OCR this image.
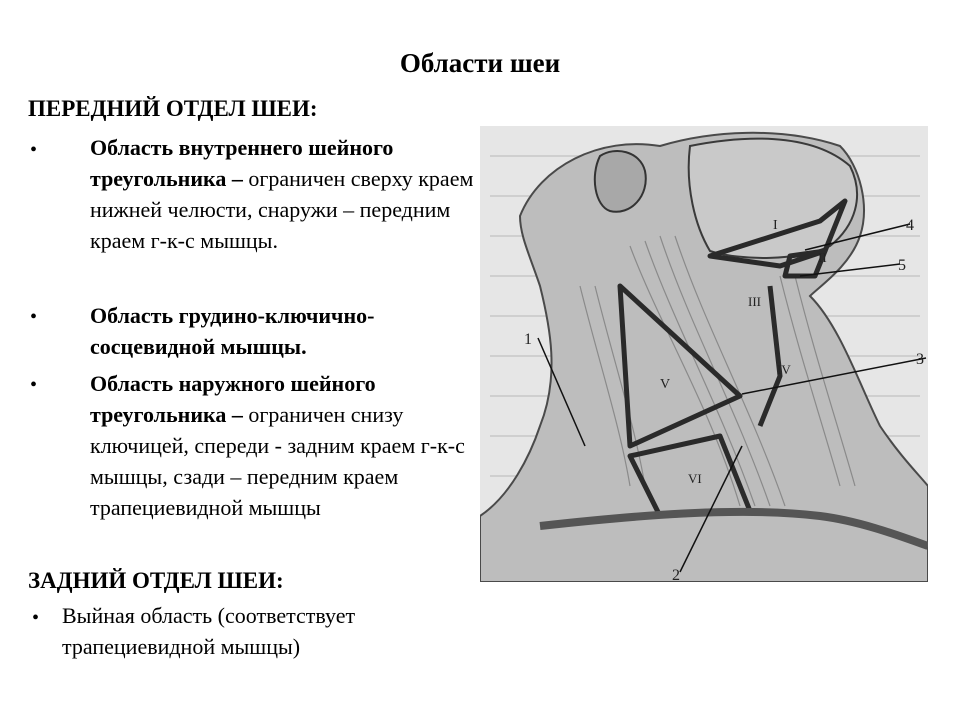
Области шеи
ПЕРЕДНИЙ ОТДЕЛ ШЕИ:
• Область внутреннего шейного треугольника – ограничен сверху краем нижней челюсти, снаружи – передним краем г-к-с мышцы.
• Область грудино-ключично-сосцевидной мышцы.
• Область наружного шейного треугольника – ограничен снизу ключицей, спереди - задним краем г-к-с мышцы, сзади – передним краем трапециевидной мышцы
ЗАДНИЙ ОТДЕЛ ШЕИ:
• Выйная область (соответствует трапециевидной мышцы)
I
II
III
IV
V
VI
1
2
3
4
5
